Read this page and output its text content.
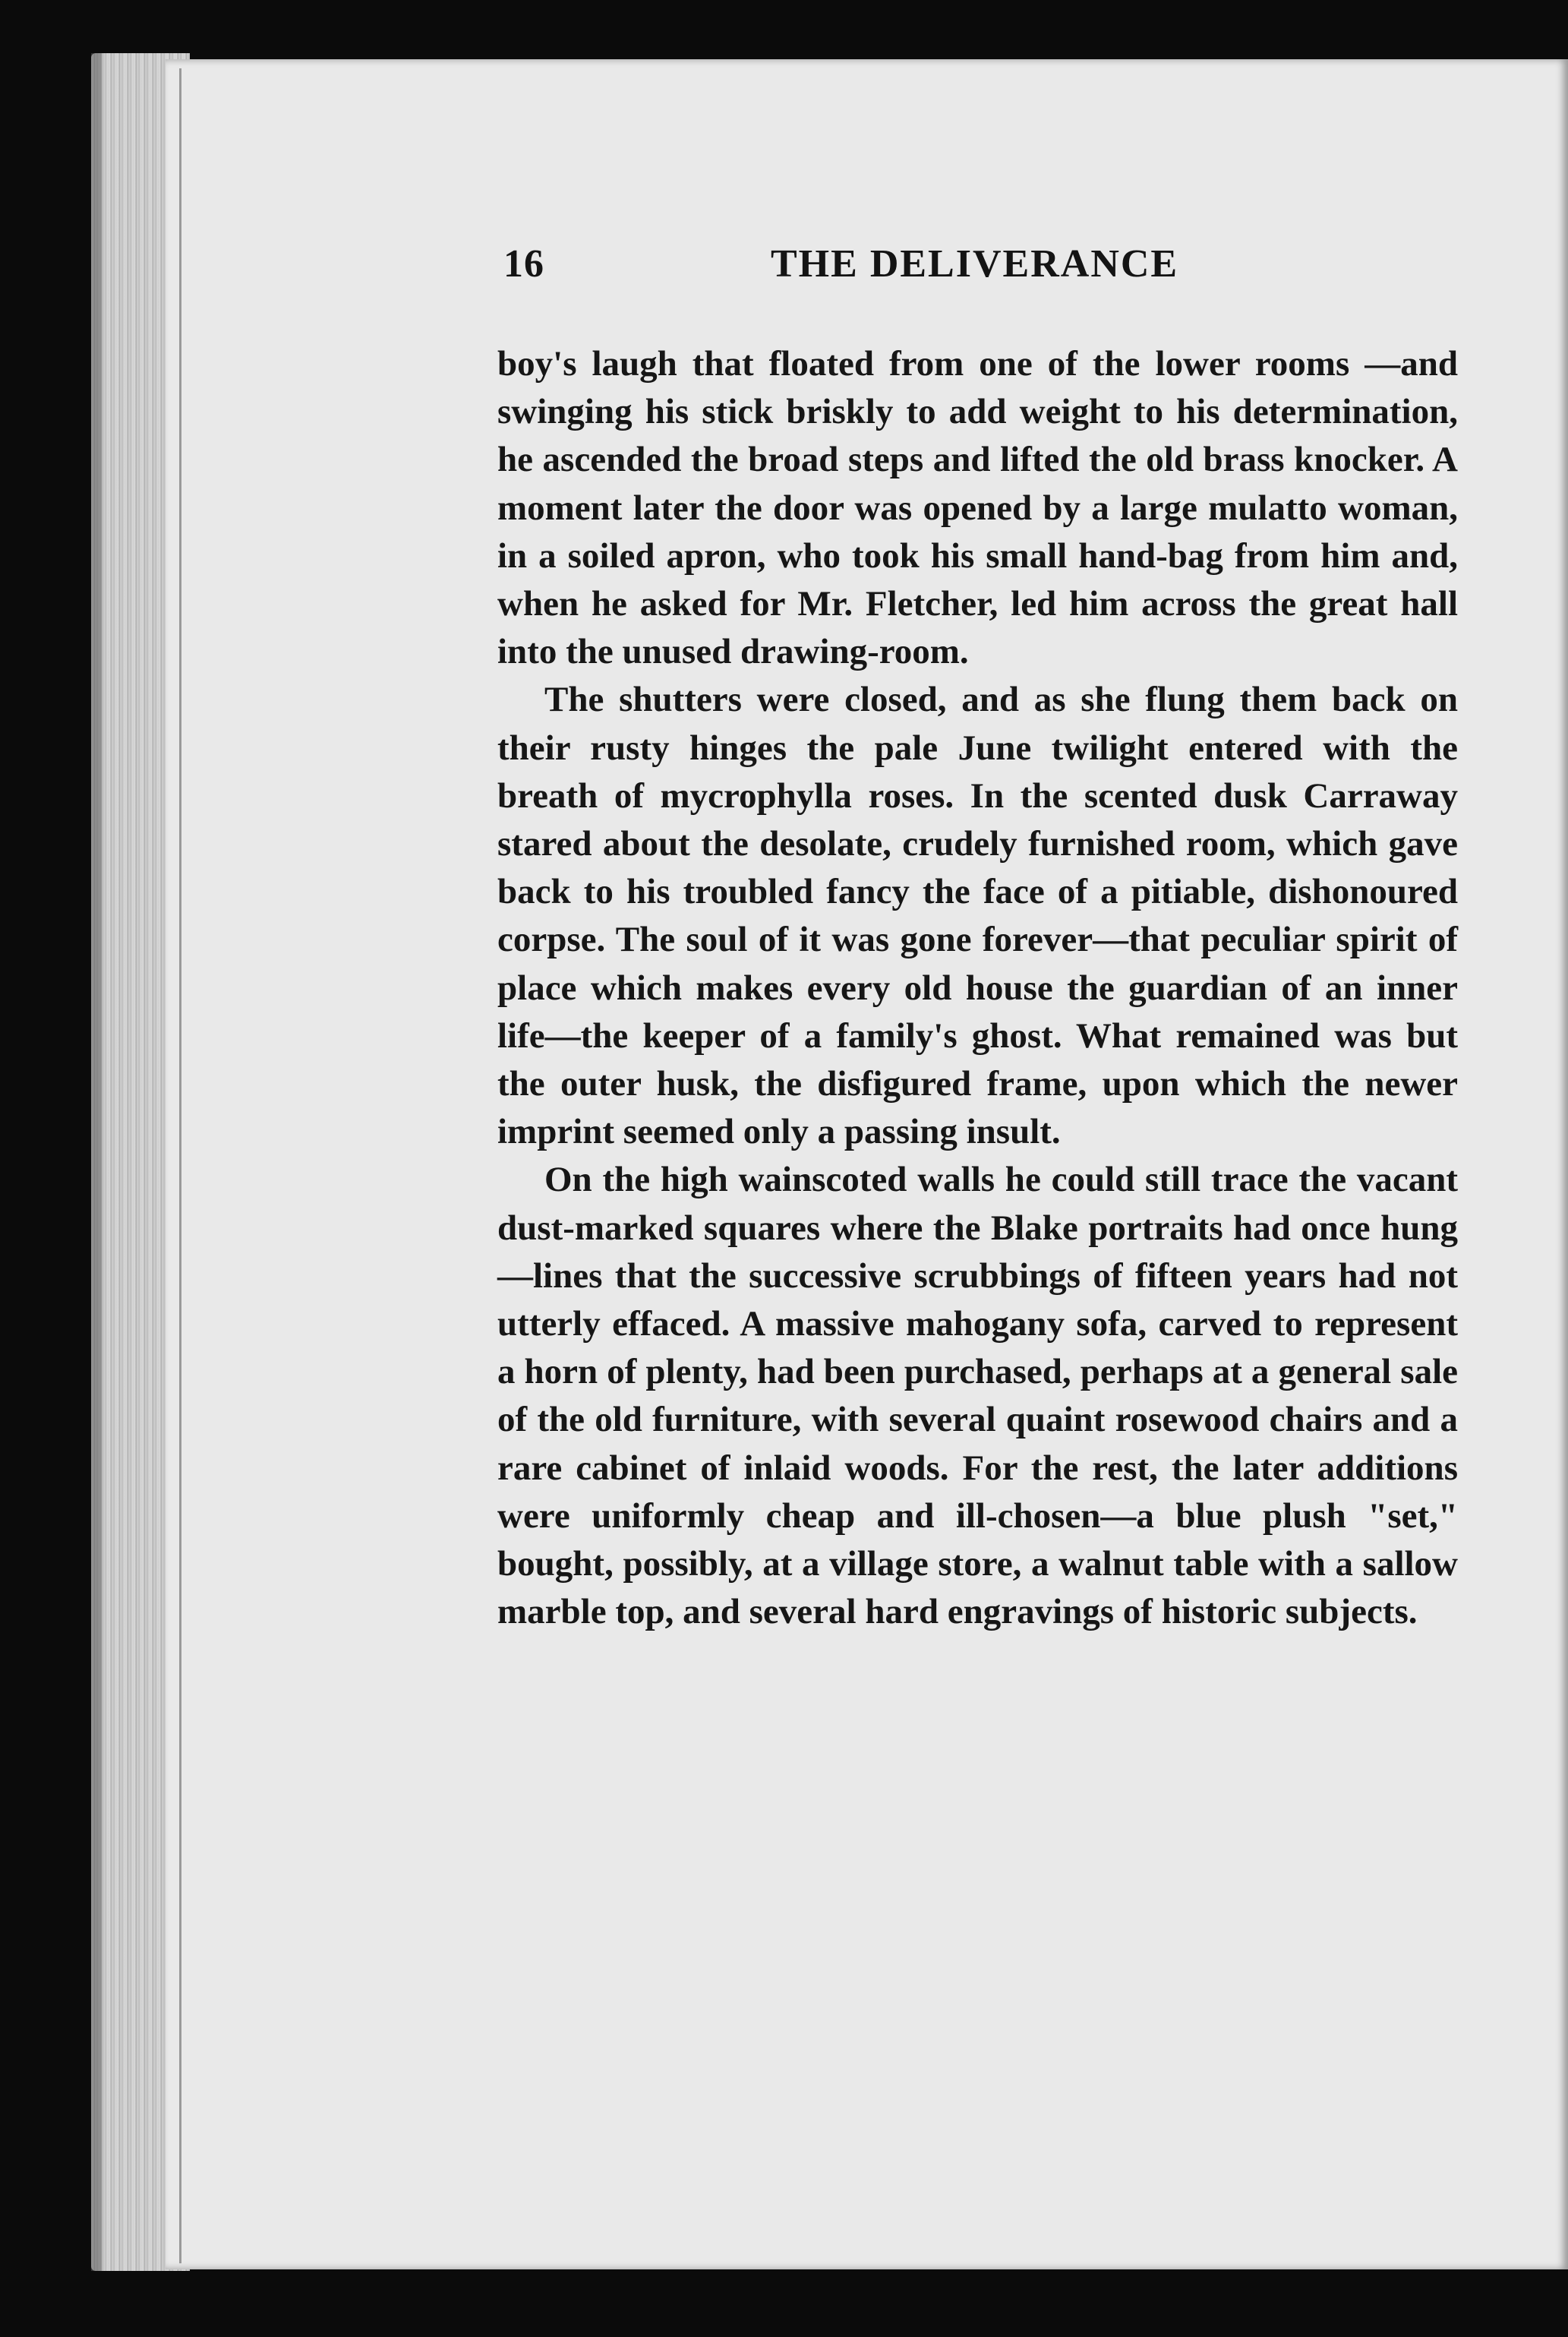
16	THE DELIVERANCE

boy's laugh that floated from one of the lower rooms —and swinging his stick briskly to add weight to his determination, he ascended the broad steps and lifted the old brass knocker. A moment later the door was opened by a large mulatto woman, in a soiled apron, who took his small hand-bag from him and, when he asked for Mr. Fletcher, led him across the great hall into the unused drawing-room.

The shutters were closed, and as she flung them back on their rusty hinges the pale June twilight entered with the breath of mycrophylla roses. In the scented dusk Carraway stared about the desolate, crudely furnished room, which gave back to his troubled fancy the face of a pitiable, dishonoured corpse. The soul of it was gone forever—that peculiar spirit of place which makes every old house the guardian of an inner life—the keeper of a family's ghost. What remained was but the outer husk, the disfigured frame, upon which the newer imprint seemed only a passing insult.

On the high wainscoted walls he could still trace the vacant dust-marked squares where the Blake portraits had once hung—lines that the successive scrubbings of fifteen years had not utterly effaced. A massive mahogany sofa, carved to represent a horn of plenty, had been purchased, perhaps at a general sale of the old furniture, with several quaint rosewood chairs and a rare cabinet of inlaid woods. For the rest, the later additions were uniformly cheap and ill-chosen—a blue plush "set," bought, possibly, at a village store, a walnut table with a sallow marble top, and several hard engravings of historic subjects.
